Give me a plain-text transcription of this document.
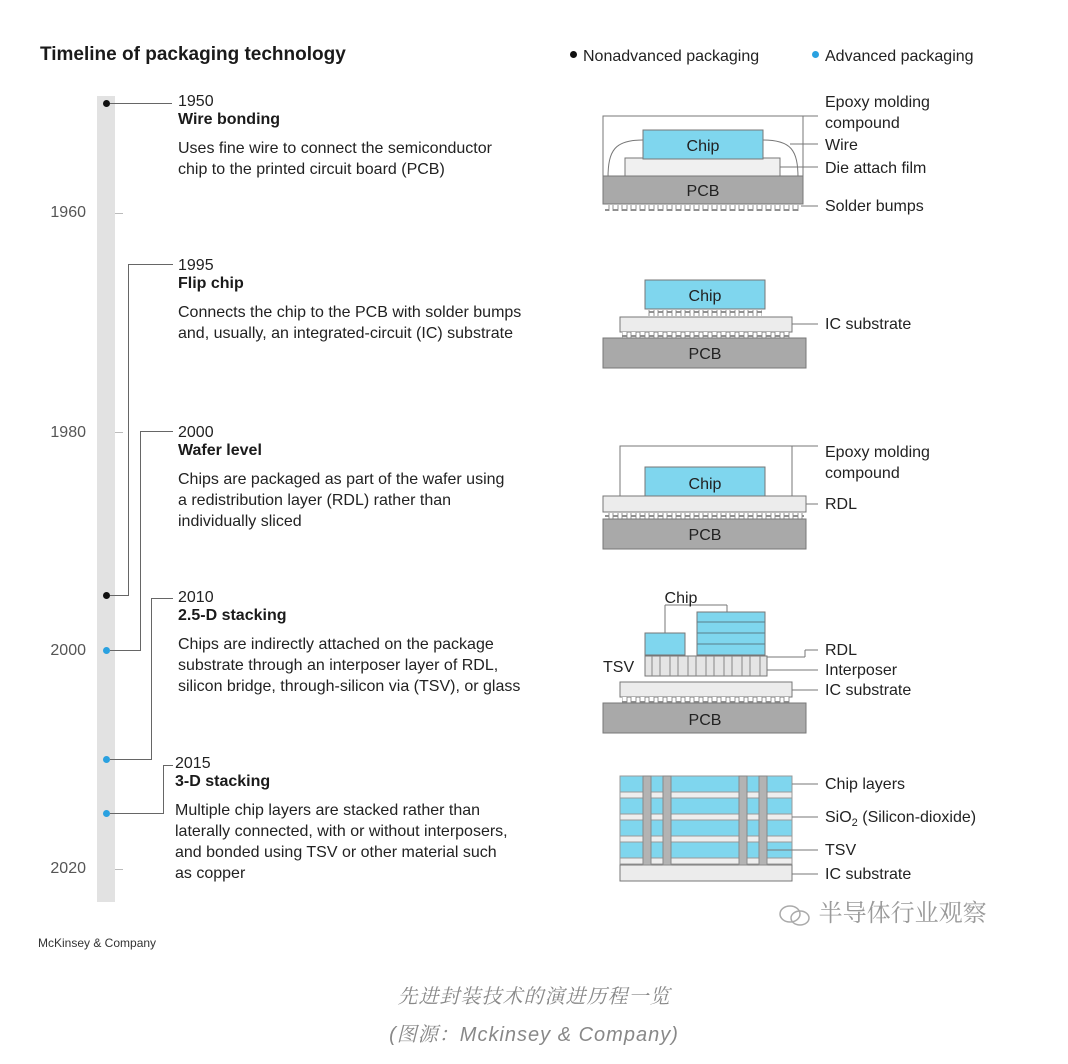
Timeline of packaging technology	Nonadvanced packaging	Advanced packaging
1960
1980
2000
2020
1950
Wire bonding
Uses fine wire to connect the semiconductor
chip to the printed circuit board (PCB)
1995
Flip chip
Connects the chip to the PCB with solder bumps
and, usually, an integrated-circuit (IC) substrate
2000
Wafer level
Chips are packaged as part of the wafer using
a redistribution layer (RDL) rather than
individually sliced
2010
2.5-D stacking
Chips are indirectly attached on the package
substrate through an interposer layer of RDL,
silicon bridge, through-silicon via (TSV), or glass
2015
3-D stacking
Multiple chip layers are stacked rather than
laterally connected, with or without interposers,
and bonded using TSV or other material such
as copper
Chip
PCB
Chip
PCB
Chip
PCB
Chip
TSV
PCB
Epoxy molding
compound
Wire
Die attach film
Solder bumps
IC substrate
Epoxy molding
compound
RDL
RDL
Interposer
IC substrate
Chip layers
SiO$_2$ (Silicon-dioxide)
TSV
IC substrate
半导体行业观察
McKinsey & Company
先进封装技术的演进历程一览
(图源：Mckinsey & Company)
